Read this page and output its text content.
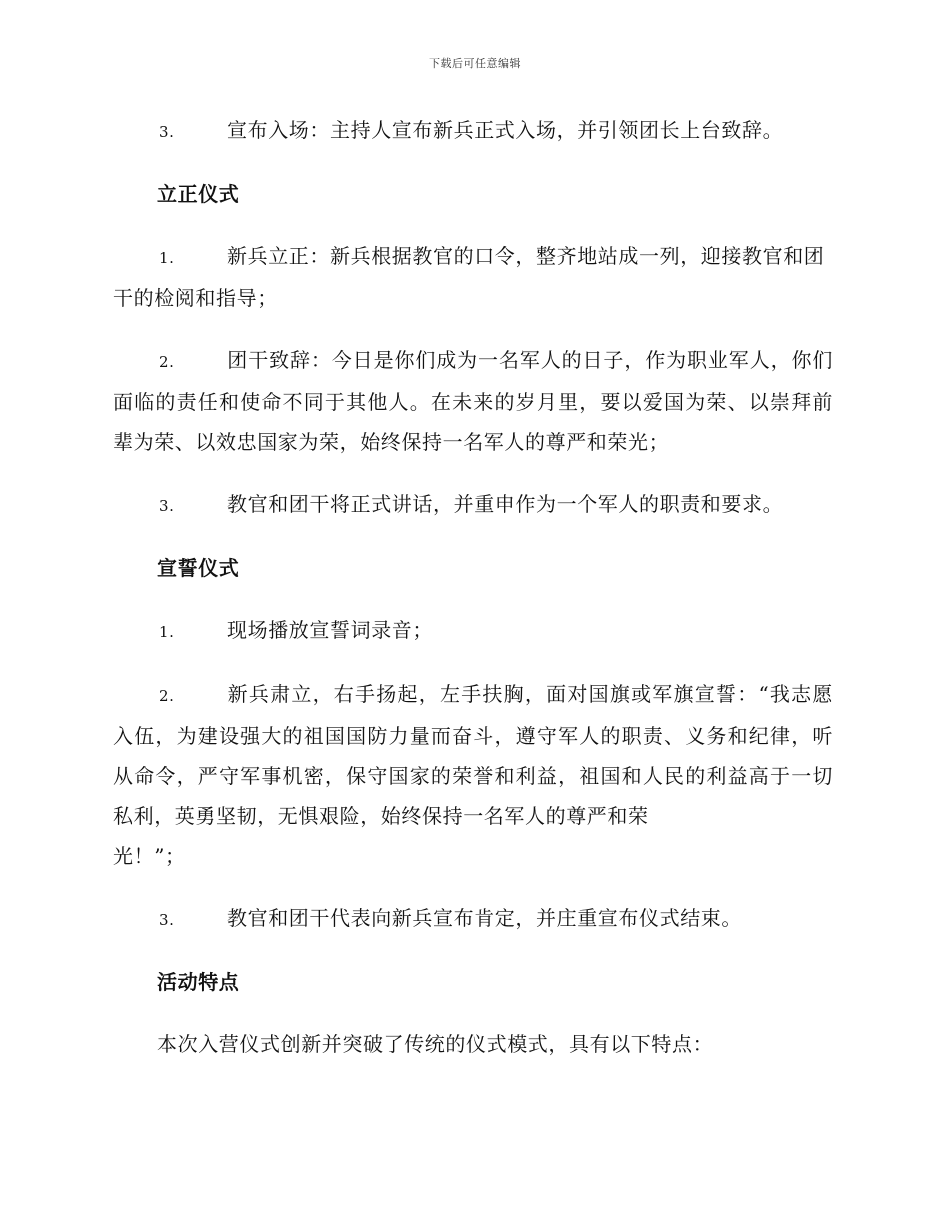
下载后可任意编辑

3.	宣布入场：主持人宣布新兵正式入场，并引领团长上台致辞。

立正仪式

1.	新兵立正：新兵根据教官的口令，整齐地站成一列，迎接教官和团干的检阅和指导；

2.	团干致辞：今日是你们成为一名军人的日子，作为职业军人，你们面临的责任和使命不同于其他人。在未来的岁月里，要以爱国为荣、以崇拜前辈为荣、以效忠国家为荣，始终保持一名军人的尊严和荣光；

3.	教官和团干将正式讲话，并重申作为一个军人的职责和要求。

宣誓仪式

1.	现场播放宣誓词录音；

2.	新兵肃立，右手扬起，左手扶胸，面对国旗或军旗宣誓：“我志愿入伍，为建设强大的祖国国防力量而奋斗，遵守军人的职责、义务和纪律，听从命令，严守军事机密，保守国家的荣誉和利益，祖国和人民的利益高于一切私利，英勇坚韧，无惧艰险，始终保持一名军人的尊严和荣
光！”；

3.	教官和团干代表向新兵宣布肯定，并庄重宣布仪式结束。

活动特点

本次入营仪式创新并突破了传统的仪式模式，具有以下特点：
